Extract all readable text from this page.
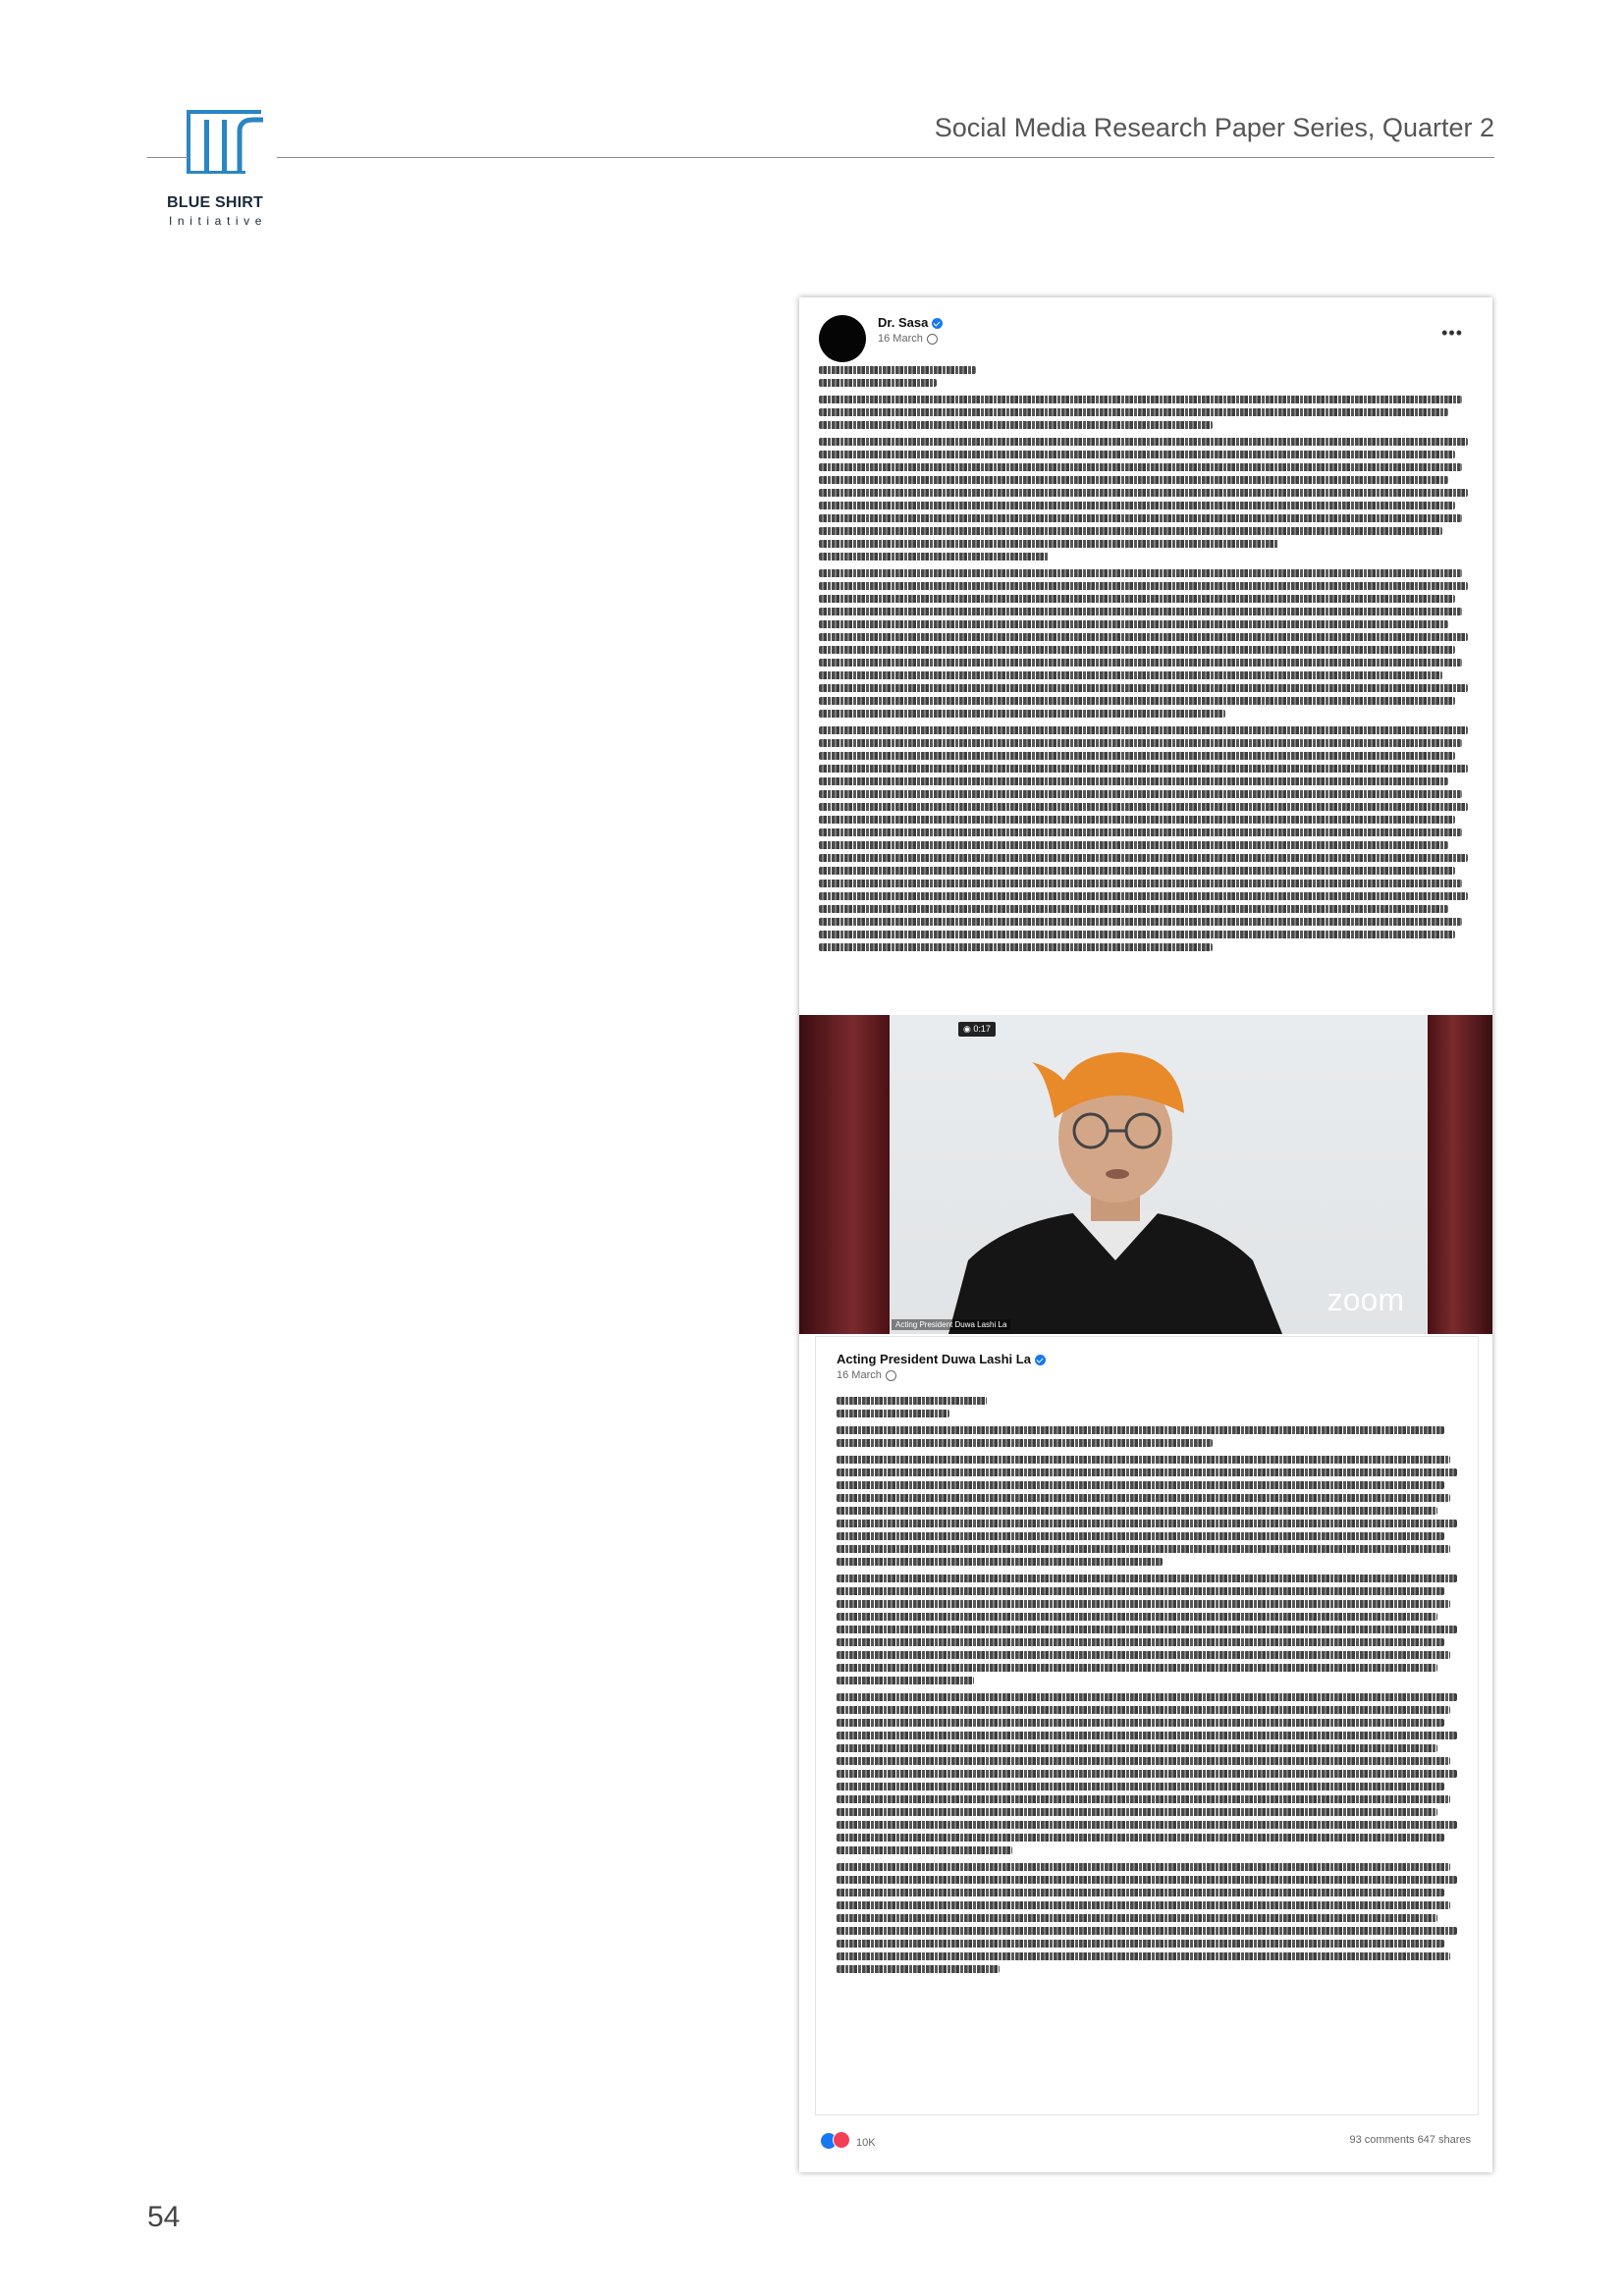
BLUE SHIRT
Initiative
Social Media Research Paper Series, Quarter 2
Dr. Sasa
16 March	•••
◉ 0:17
zoom
Acting President Duwa Lashi La
Acting President Duwa Lashi La
16 March
10K	93 comments 647 shares
54
